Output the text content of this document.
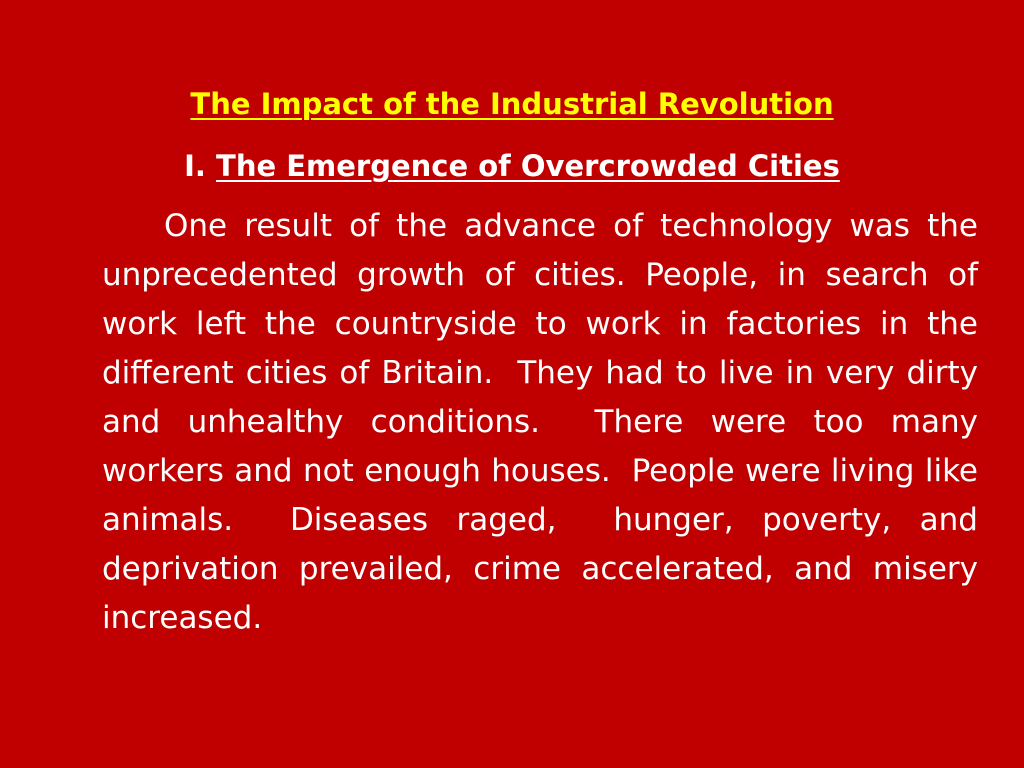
The Impact of the Industrial Revolution
I. The Emergence of Overcrowded Cities
One result of the advance of technology was the unprecedented growth of cities. People, in search of work left the countryside to work in factories in the different cities of Britain.  They had to live in very dirty and unhealthy conditions.  There were too many workers and not enough houses.  People were living like animals.  Diseases raged,  hunger, poverty, and deprivation prevailed, crime accelerated, and misery increased.
